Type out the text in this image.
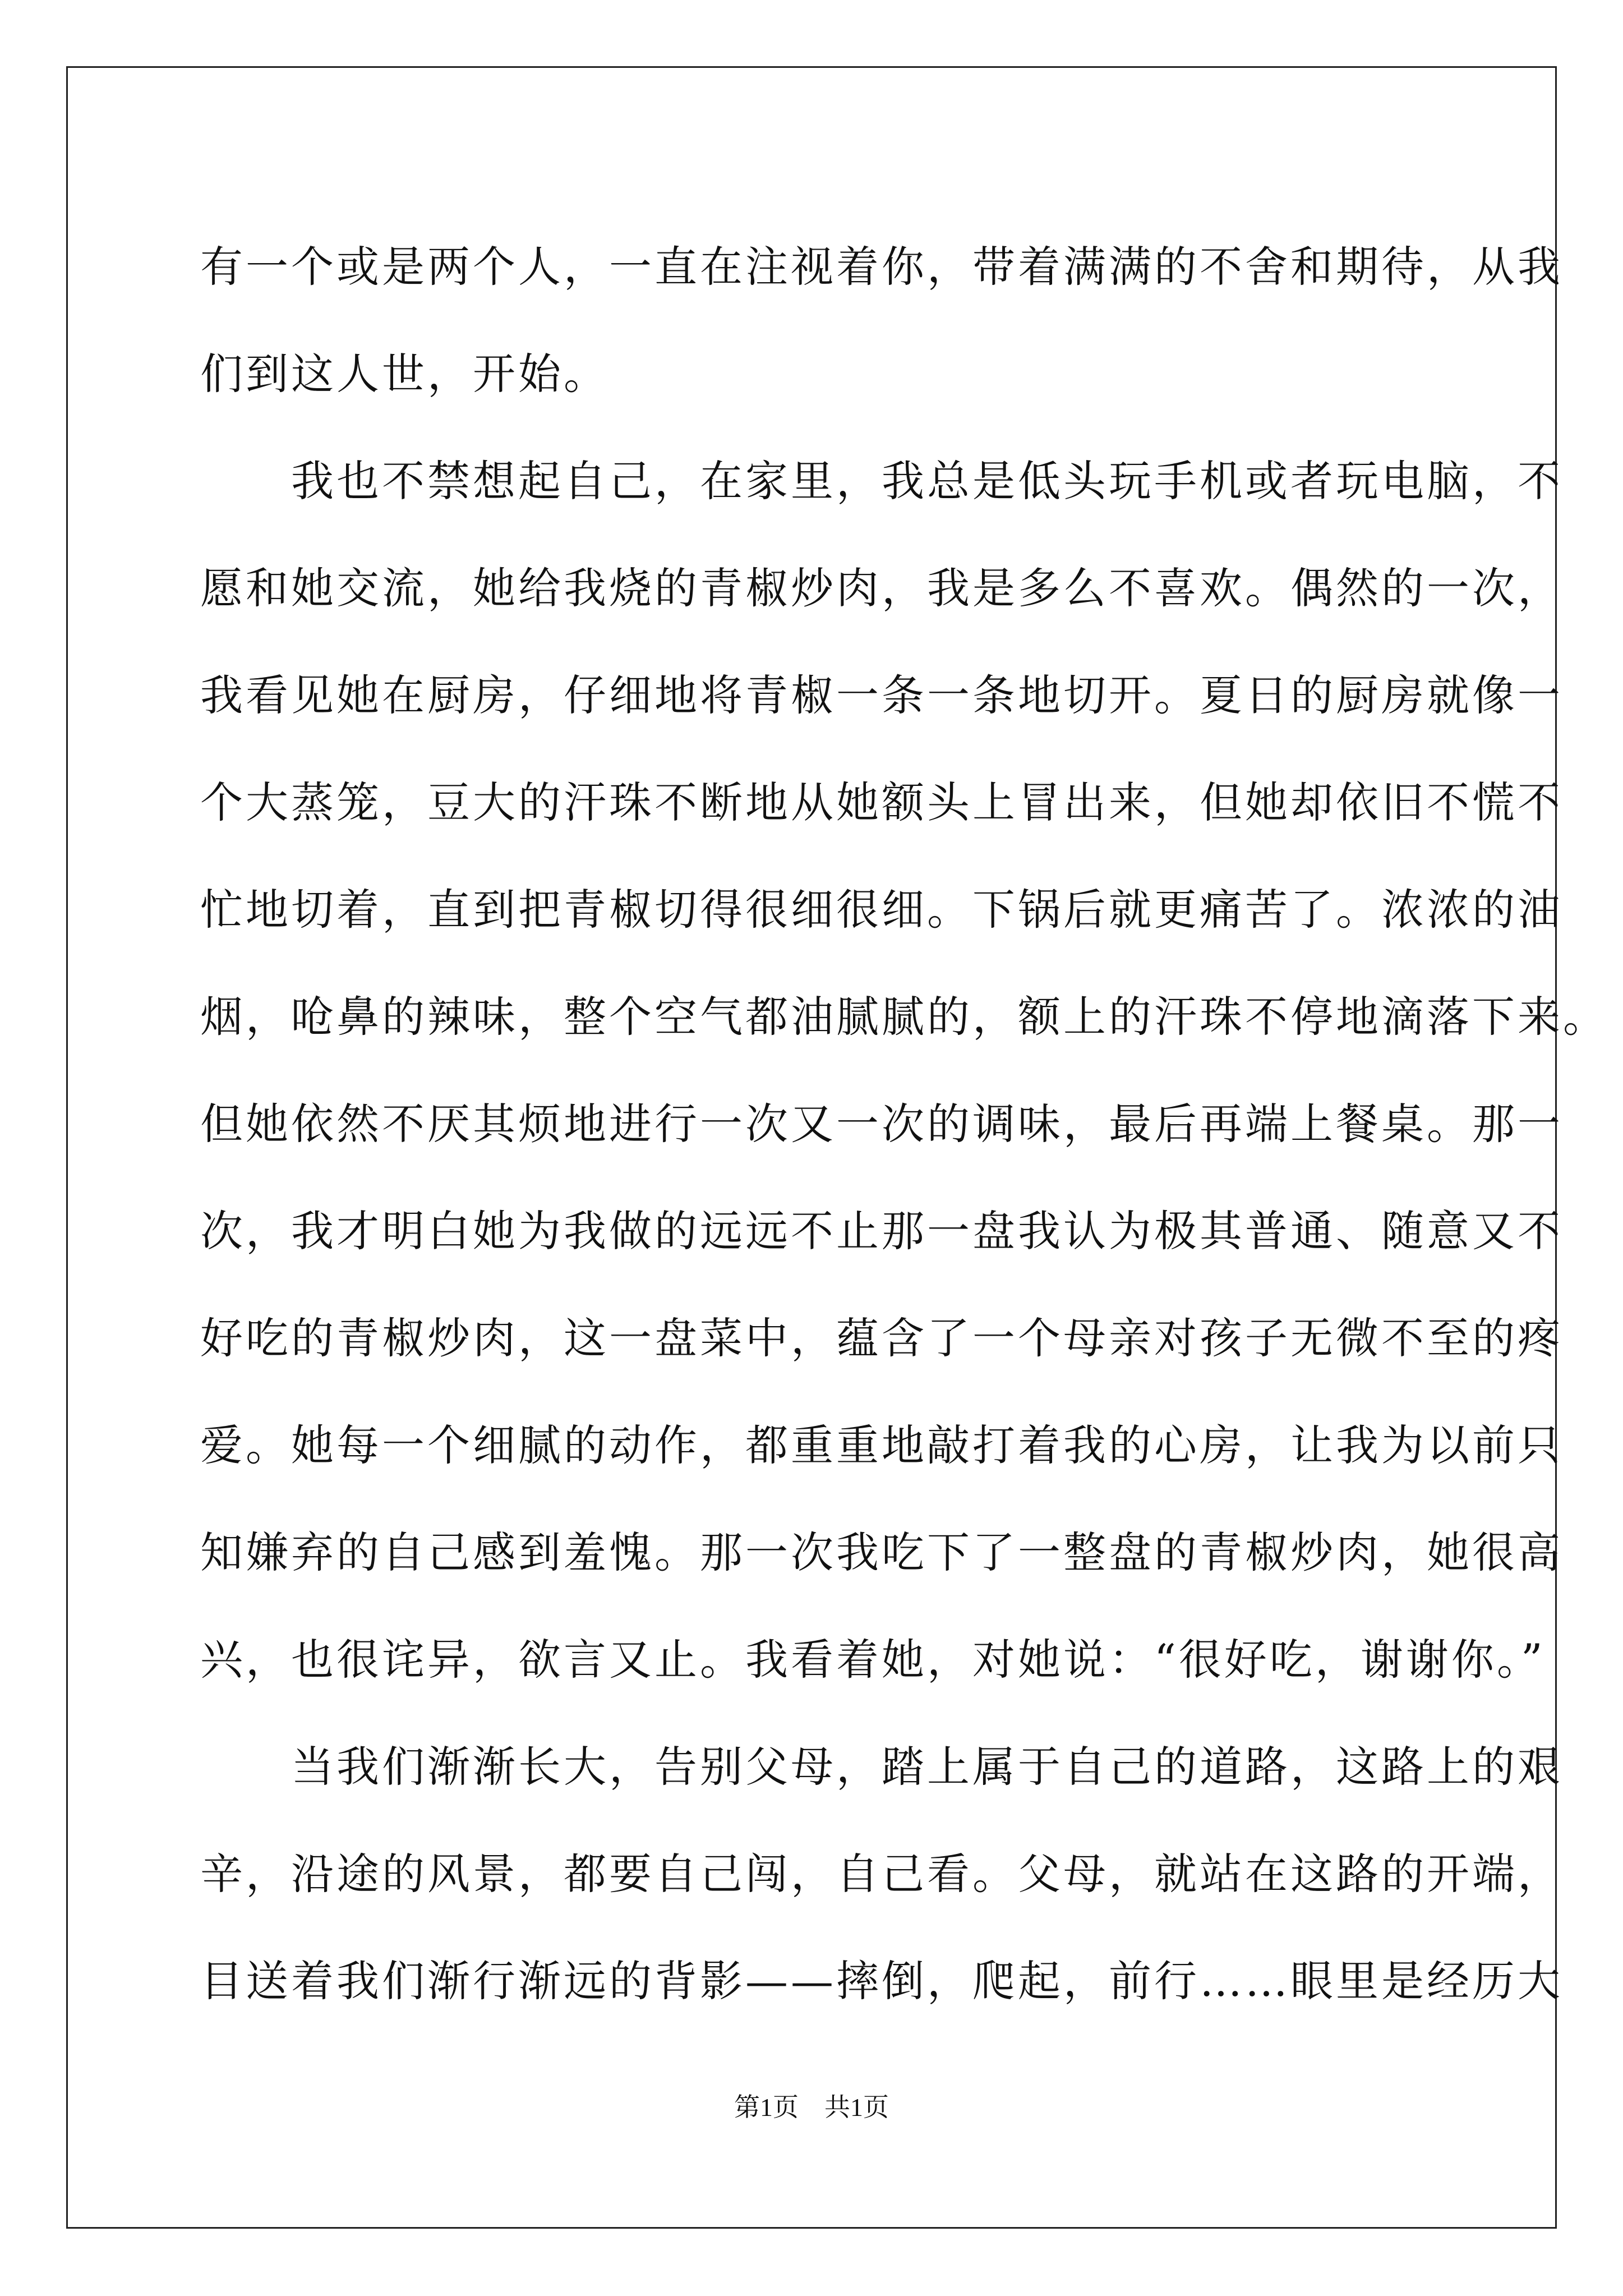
有一个或是两个人，一直在注视着你，带着满满的不舍和期待，从我
们到这人世，开始。
　　我也不禁想起自己，在家里，我总是低头玩手机或者玩电脑，不
愿和她交流，她给我烧的青椒炒肉，我是多么不喜欢。偶然的一次，
我看见她在厨房，仔细地将青椒一条一条地切开。夏日的厨房就像一
个大蒸笼，豆大的汗珠不断地从她额头上冒出来，但她却依旧不慌不
忙地切着，直到把青椒切得很细很细。下锅后就更痛苦了。浓浓的油
烟，呛鼻的辣味，整个空气都油腻腻的，额上的汗珠不停地滴落下来。
但她依然不厌其烦地进行一次又一次的调味，最后再端上餐桌。那一
次，我才明白她为我做的远远不止那一盘我认为极其普通、随意又不
好吃的青椒炒肉，这一盘菜中，蕴含了一个母亲对孩子无微不至的疼
爱。她每一个细腻的动作，都重重地敲打着我的心房，让我为以前只
知嫌弃的自己感到羞愧。那一次我吃下了一整盘的青椒炒肉，她很高
兴，也很诧异，欲言又止。我看着她，对她说：“很好吃，谢谢你。”
　　当我们渐渐长大，告别父母，踏上属于自己的道路，这路上的艰
辛，沿途的风景，都要自己闯，自己看。父母，就站在这路的开端，
目送着我们渐行渐远的背影——摔倒，爬起，前行……眼里是经历大
第1页　共1页
